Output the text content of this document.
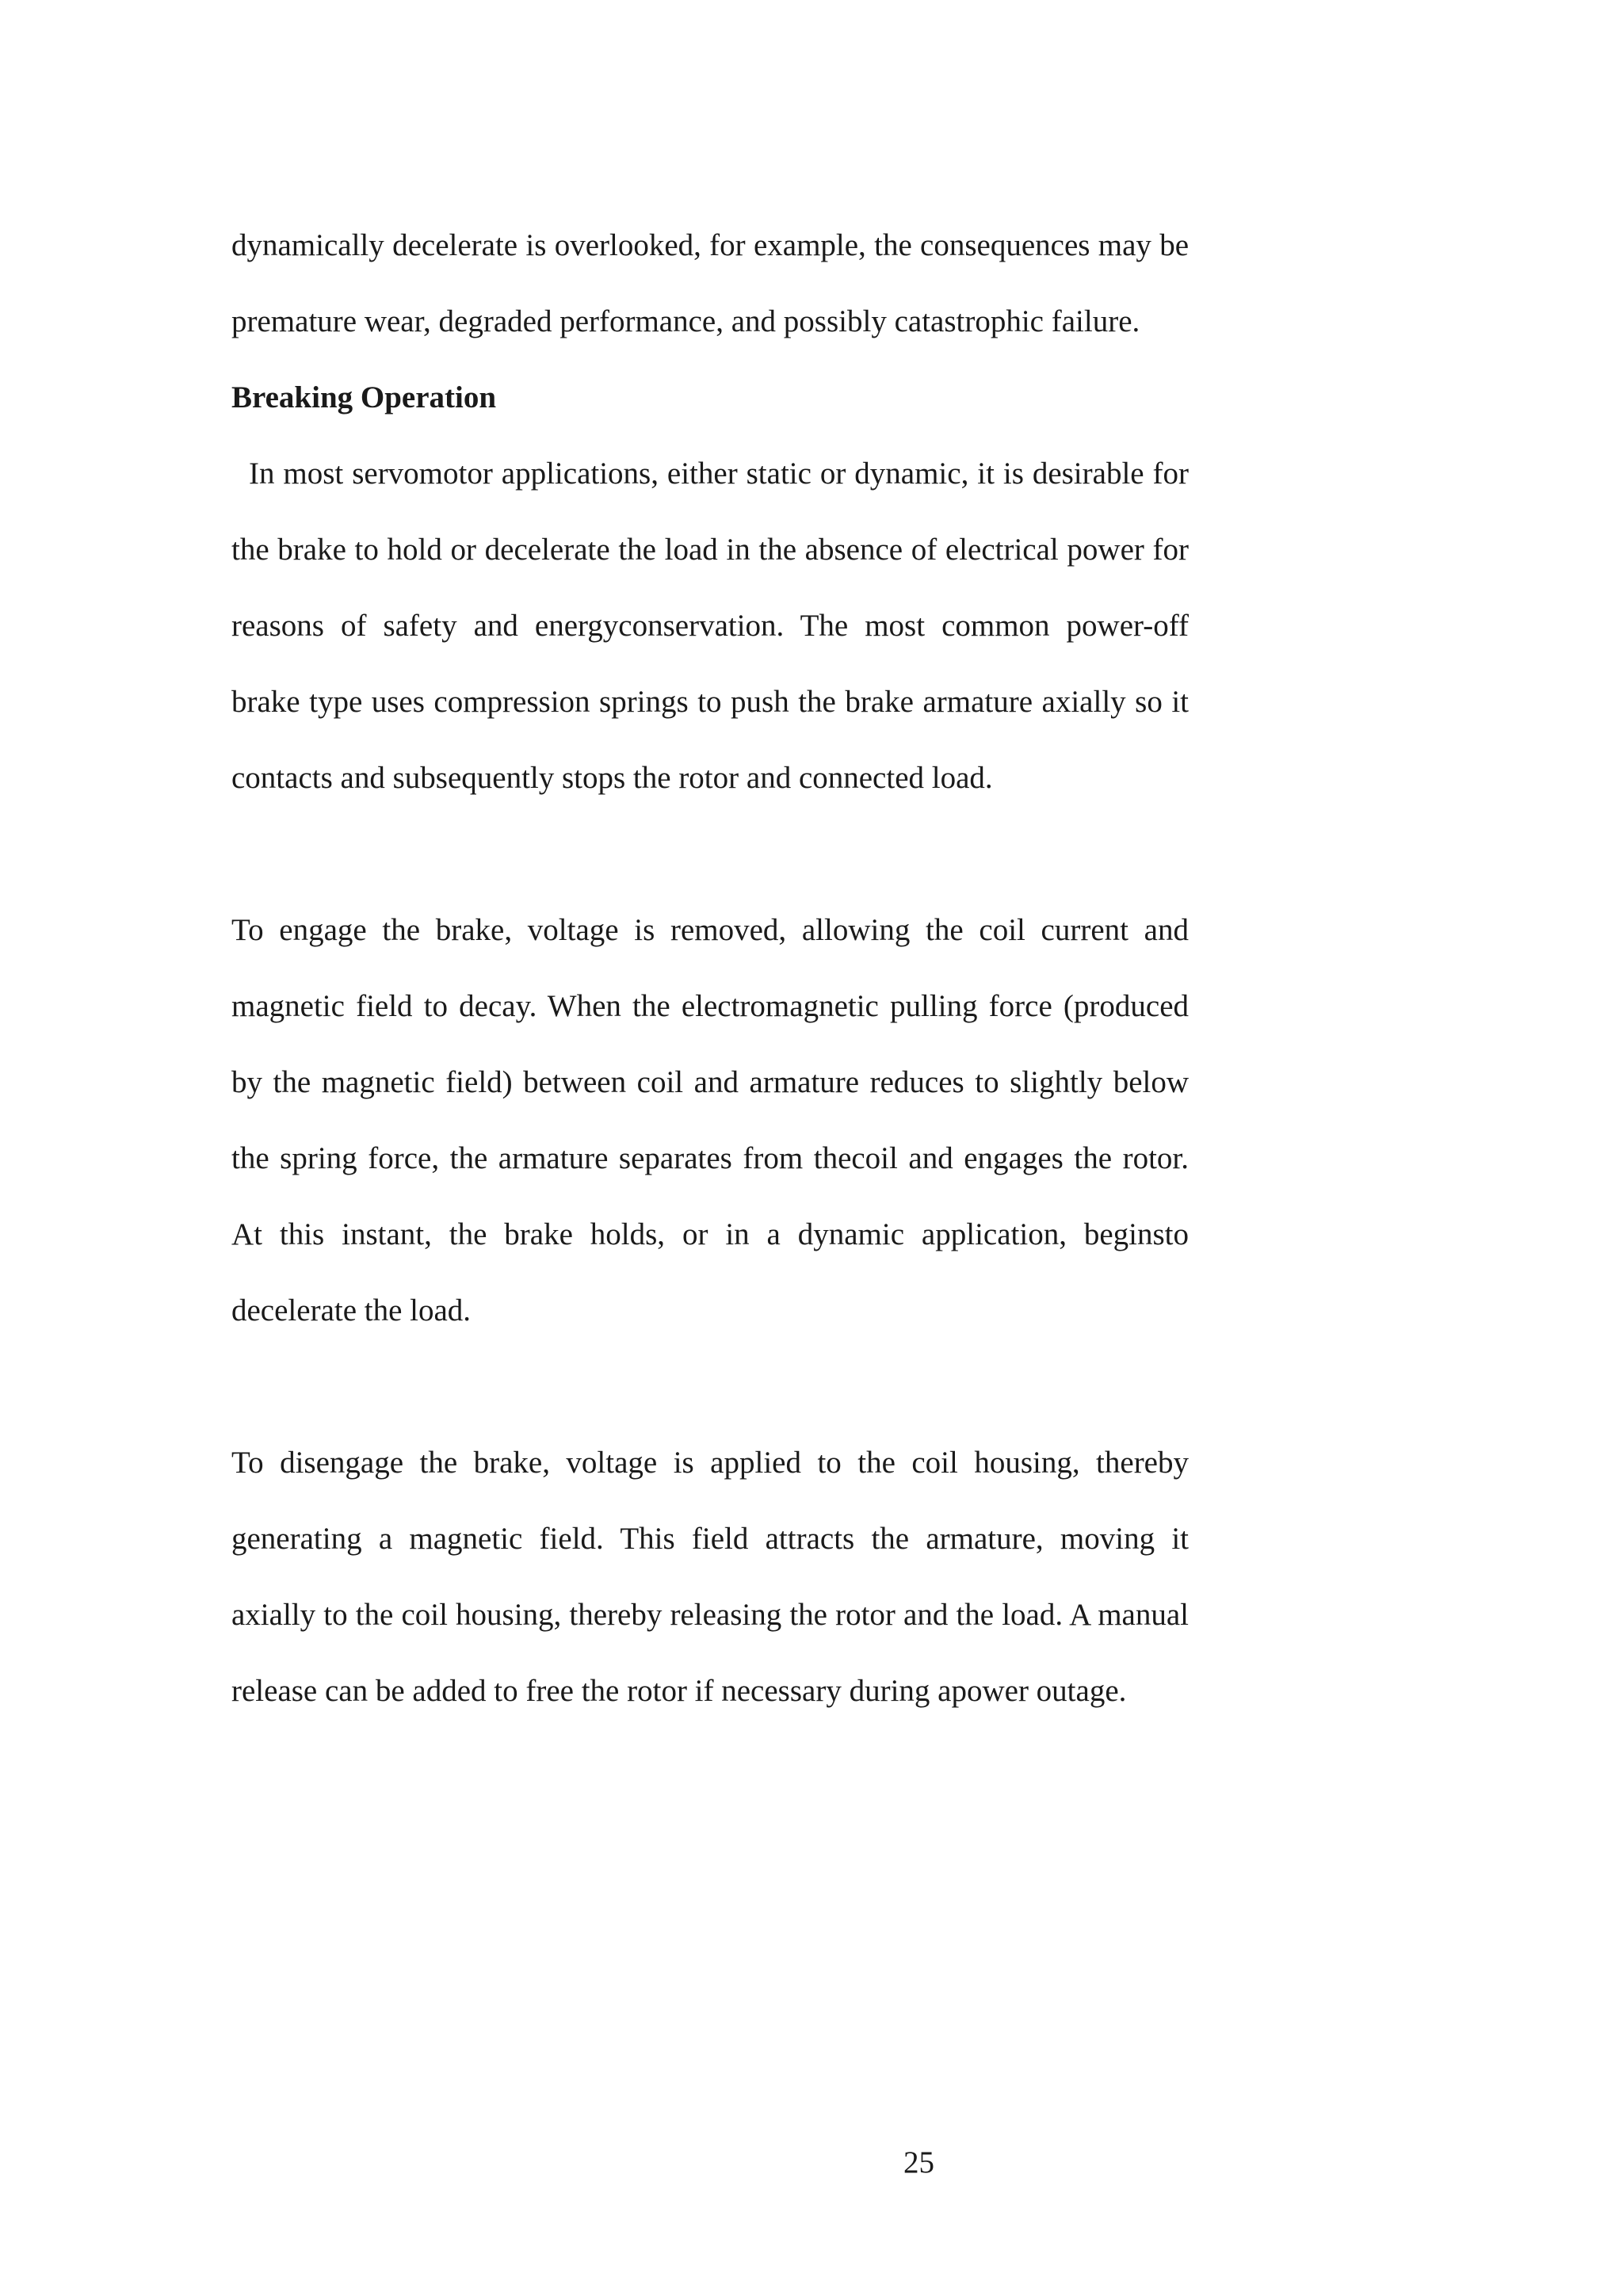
dynamically decelerate is overlooked, for example, the consequences may be premature wear, degraded performance, and possibly catastrophic failure.

Breaking Operation

In most servomotor applications, either static or dynamic, it is desirable for the brake to hold or decelerate the load in the absence of electrical power for reasons of safety and energyconservation. The most common power-off brake type uses compression springs to push the brake armature axially so it contacts and subsequently stops the rotor and connected load.

To engage the brake, voltage is removed, allowing the coil current and magnetic field to decay. When the electromagnetic pulling force (produced by the magnetic field) between coil and armature reduces to slightly below the spring force, the armature separates from thecoil and engages the rotor. At this instant, the brake holds, or in a dynamic application, beginsto decelerate the load.

To disengage the brake, voltage is applied to the coil housing, thereby generating a magnetic field. This field attracts the armature, moving it axially to the coil housing, thereby releasing the rotor and the load. A manual release can be added to free the rotor if necessary during apower outage.

25
